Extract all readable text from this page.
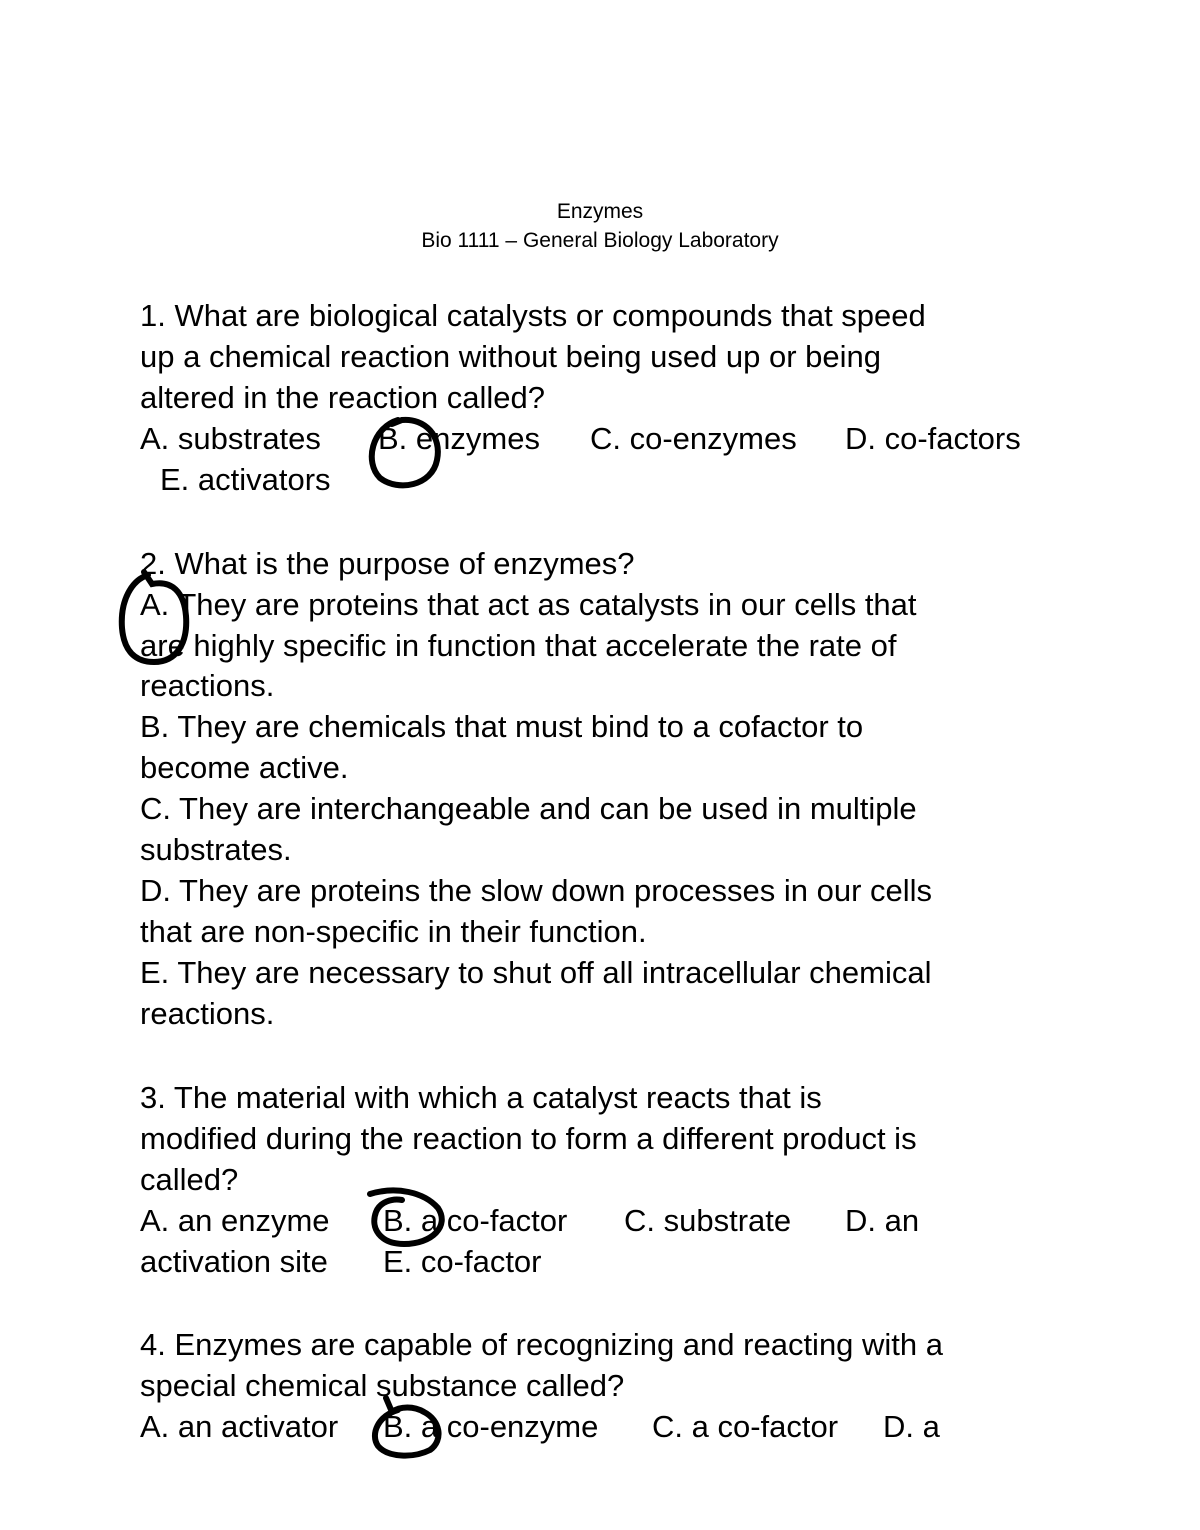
Enzymes
Bio 1111 – General Biology Laboratory
1. What are biological catalysts or compounds that speed
up a chemical reaction without being used up or being
altered in the reaction called?
A. substrates B. enzymes C. co-enzymes D. co-factors
E. activators
2. What is the purpose of enzymes?
A. They are proteins that act as catalysts in our cells that
are highly specific in function that accelerate the rate of
reactions.
B. They are chemicals that must bind to a cofactor to
become active.
C. They are interchangeable and can be used in multiple
substrates.
D. They are proteins the slow down processes in our cells
that are non-specific in their function.
E. They are necessary to shut off all intracellular chemical
reactions.
3. The material with which a catalyst reacts that is
modified during the reaction to form a different product is
called?
A. an enzyme B. a co-factor C. substrate D. an
activation site E. co-factor
4. Enzymes are capable of recognizing and reacting with a
special chemical substance called?
A. an activator B. a co-enzyme C. a co-factor D. a
